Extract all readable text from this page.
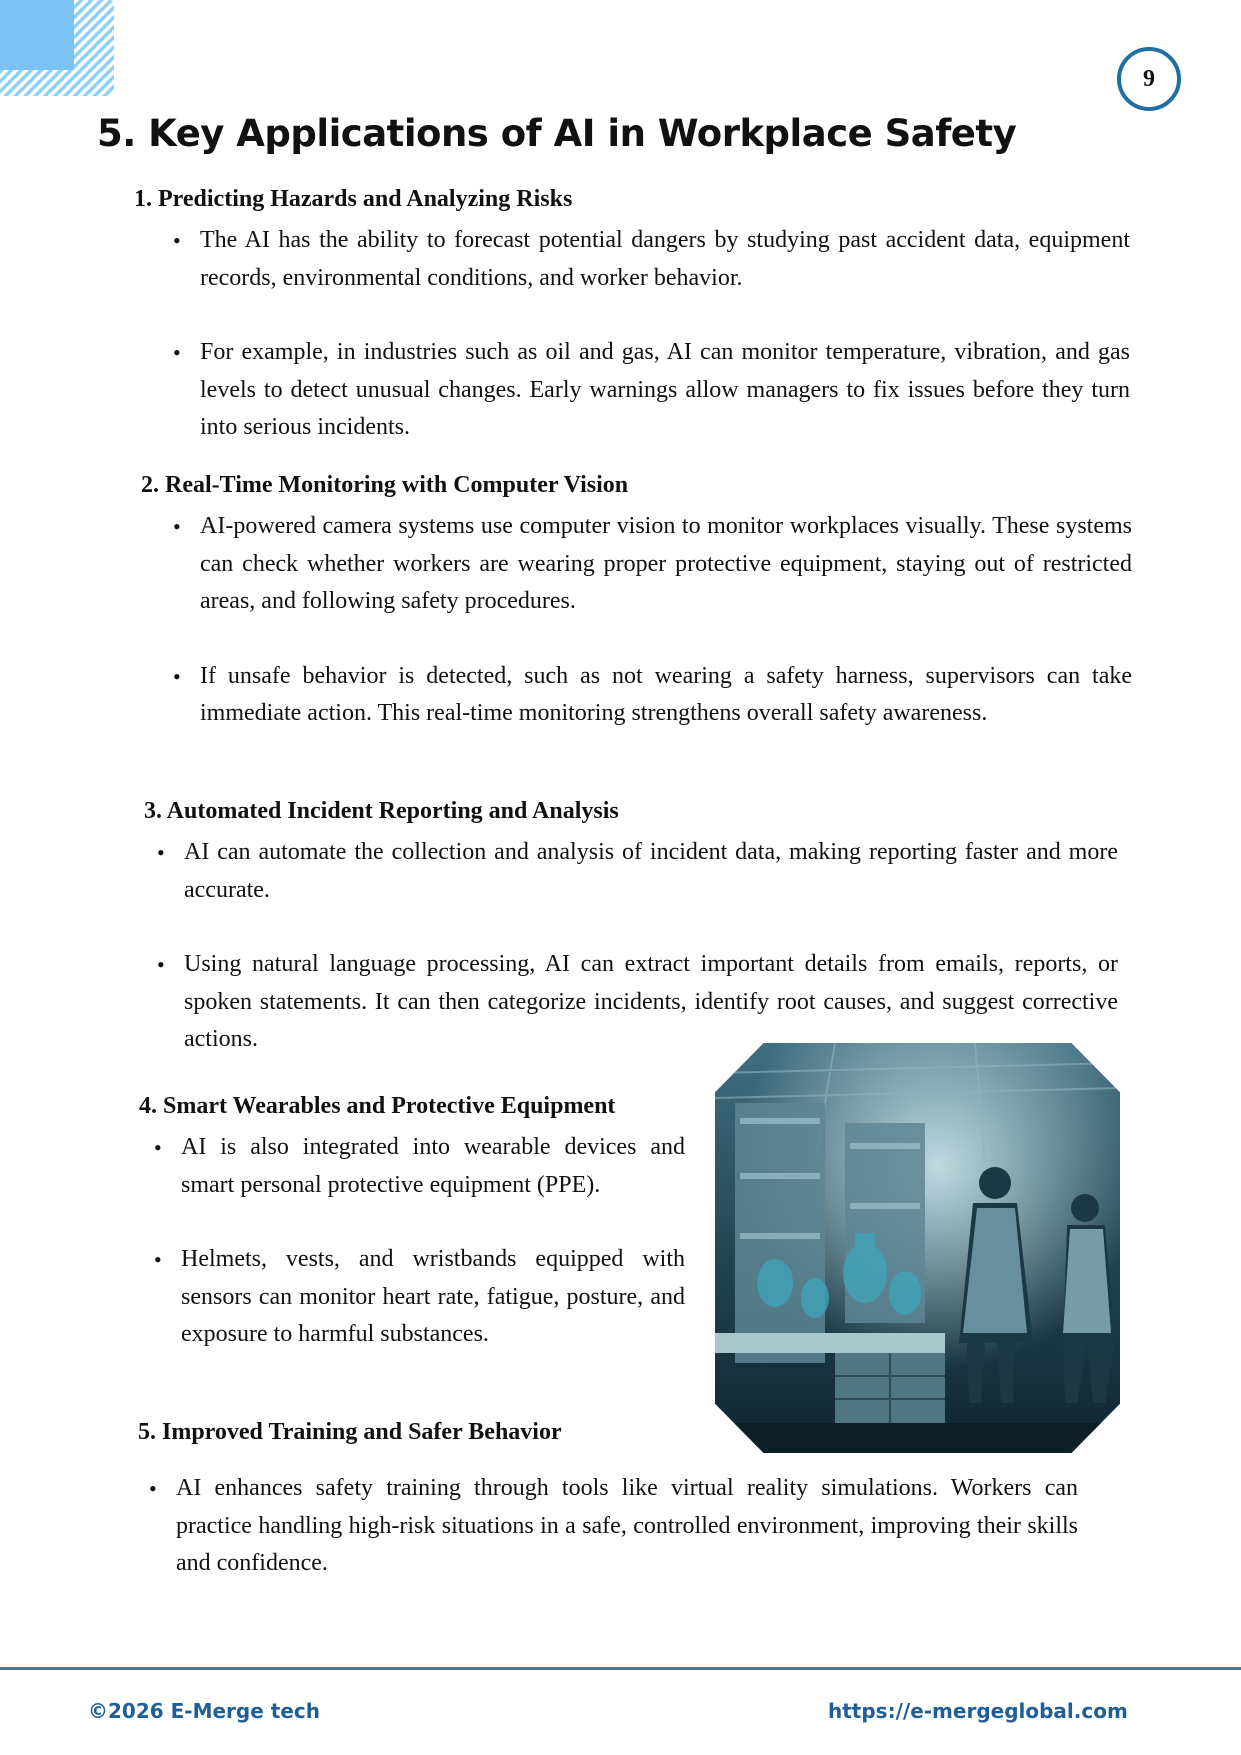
9
5. Key Applications of AI in Workplace Safety
1. Predicting Hazards and Analyzing Risks
• The AI has the ability to forecast potential dangers by studying past accident data, equipment records, environmental conditions, and worker behavior.
• For example, in industries such as oil and gas, AI can monitor temperature, vibration, and gas levels to detect unusual changes. Early warnings allow managers to fix issues before they turn into serious incidents.
2. Real-Time Monitoring with Computer Vision
• AI-powered camera systems use computer vision to monitor workplaces visually. These systems can check whether workers are wearing proper protective equipment, staying out of restricted areas, and following safety procedures.
• If unsafe behavior is detected, such as not wearing a safety harness, supervisors can take immediate action. This real-time monitoring strengthens overall safety awareness.
3. Automated Incident Reporting and Analysis
• AI can automate the collection and analysis of incident data, making reporting faster and more accurate.
• Using natural language processing, AI can extract important details from emails, reports, or spoken statements. It can then categorize incidents, identify root causes, and suggest corrective actions.
4. Smart Wearables and Protective Equipment
• AI is also integrated into wearable devices and smart personal protective equipment (PPE).
• Helmets, vests, and wristbands equipped with sensors can monitor heart rate, fatigue, posture, and exposure to harmful substances.
5. Improved Training and Safer Behavior
• AI enhances safety training through tools like virtual reality simulations. Workers can practice handling high-risk situations in a safe, controlled environment, improving their skills and confidence.
©2026 E-Merge tech	https://e-mergeglobal.com
